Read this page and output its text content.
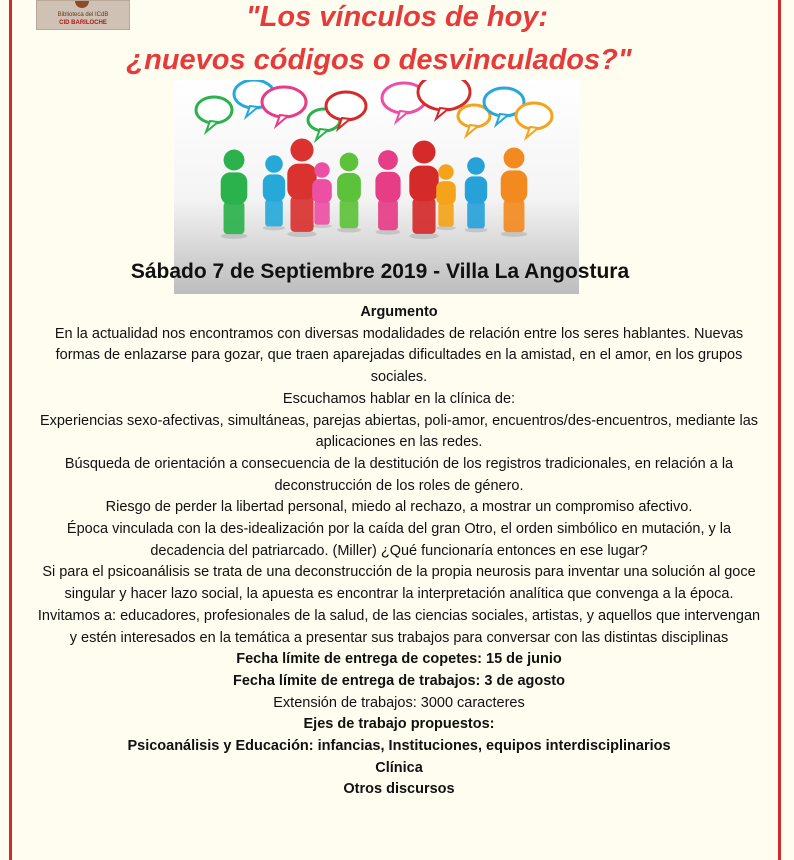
Biblioteca del ICdB
CID BARILOCHE	"Los vínculos de hoy:
¿nuevos códigos o desvinculados?"
Sábado 7 de Septiembre 2019 - Villa La Angostura

Argumento

En la actualidad nos encontramos con diversas modalidades de relación entre los seres hablantes. Nuevas formas de enlazarse para gozar, que traen aparejadas dificultades en la amistad, en el amor, en los grupos sociales.

Escuchamos hablar en la clínica de:

Experiencias sexo-afectivas, simultáneas, parejas abiertas, poli-amor, encuentros/des-encuentros, mediante las aplicaciones en las redes.

Búsqueda de orientación a consecuencia de la destitución de los registros tradicionales, en relación a la deconstrucción de los roles de género.

Riesgo de perder la libertad personal, miedo al rechazo, a mostrar un compromiso afectivo.

Época vinculada con la des-idealización por la caída del gran Otro, el orden simbólico en mutación, y la decadencia del patriarcado. (Miller) ¿Qué funcionaría entonces en ese lugar?

Si para el psicoanálisis se trata de una deconstrucción de la propia neurosis para inventar una solución al goce singular y hacer lazo social, la apuesta es encontrar la interpretación analítica que convenga a la época.

Invitamos a: educadores, profesionales de la salud, de las ciencias sociales, artistas, y aquellos que intervengan y estén interesados en la temática a presentar sus trabajos para conversar con las distintas disciplinas

Fecha límite de entrega de copetes: 15 de junio

Fecha límite de entrega de trabajos: 3 de agosto

Extensión de trabajos: 3000 caracteres

Ejes de trabajo propuestos:

Psicoanálisis y Educación: infancias, Instituciones, equipos interdisciplinarios

Clínica

Otros discursos
